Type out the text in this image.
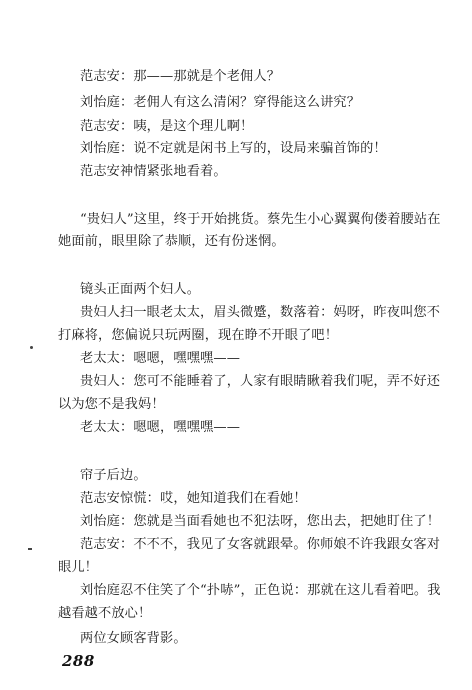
范志安：那——那就是个老佣人？
刘怡庭：老佣人有这么清闲？穿得能这么讲究？
范志安：咦，是这个理儿啊！
刘怡庭：说不定就是闲书上写的，设局来骗首饰的！
范志安神情紧张地看着。
“贵妇人”这里，终于开始挑货。蔡先生小心翼翼佝偻着腰站在
她面前，眼里除了恭顺，还有份迷惘。
镜头正面两个妇人。
贵妇人扫一眼老太太，眉头微蹙，数落着：妈呀，昨夜叫您不
打麻将，您偏说只玩两圈，现在睁不开眼了吧！
老太太：嗯嗯，嘿嘿嘿——
贵妇人：您可不能睡着了，人家有眼睛瞅着我们呢，弄不好还
以为您不是我妈！
老太太：嗯嗯，嘿嘿嘿——
帘子后边。
范志安惊慌：哎，她知道我们在看她！
刘怡庭：您就是当面看她也不犯法呀，您出去，把她盯住了！
范志安：不不不，我见了女客就跟晕。你师娘不许我跟女客对
眼儿！
刘怡庭忍不住笑了个“扑哧”，正色说：那就在这儿看着吧。我
越看越不放心！
两位女顾客背影。
288
